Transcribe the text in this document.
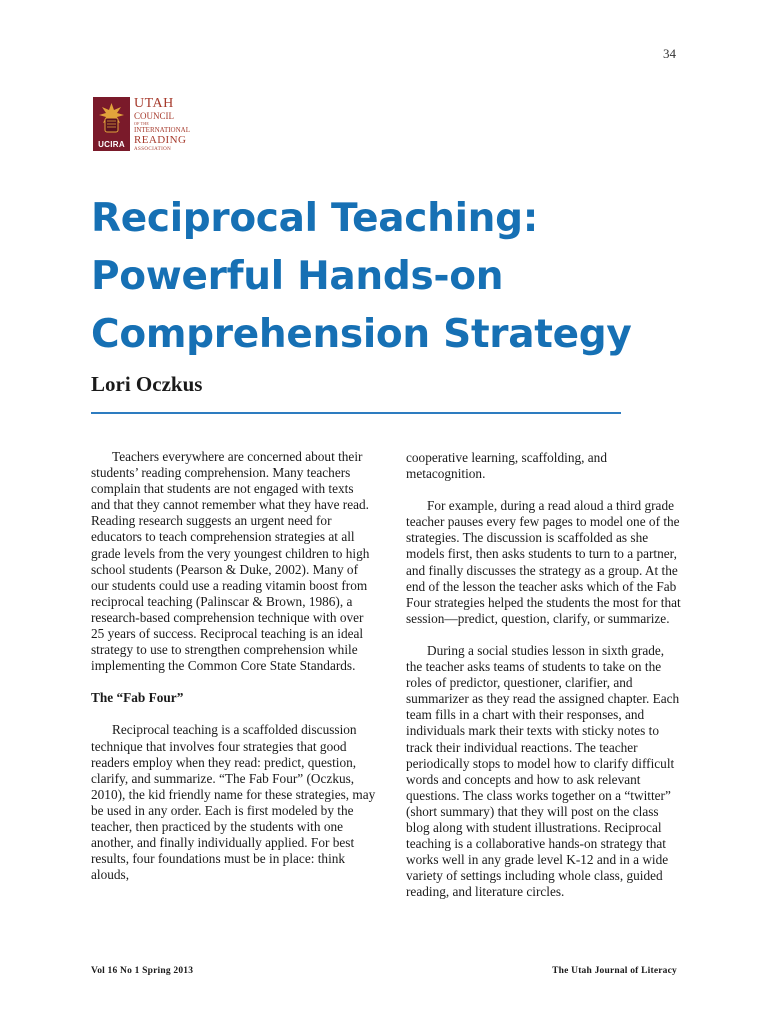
34
UCIRA
UTAH
COUNCIL
OF THE
INTERNATIONAL
READING
ASSOCIATION
Reciprocal Teaching:
Powerful Hands-on
Comprehension Strategy
Lori Oczkus

Teachers everywhere are concerned about their students’ reading comprehension. Many teachers complain that students are not engaged with texts and that they cannot remember what they have read. Reading research suggests an urgent need for educators to teach comprehension strategies at all grade levels from the very youngest children to high school students (Pearson & Duke, 2002). Many of our students could use a reading vitamin boost from reciprocal teaching (Palinscar & Brown, 1986), a research-based comprehension technique with over 25 years of success. Reciprocal teaching is an ideal strategy to use to strengthen comprehension while implementing the Common Core State Standards.

The “Fab Four”

Reciprocal teaching is a scaffolded discussion technique that involves four strategies that good readers employ when they read: predict, question, clarify, and summarize. “The Fab Four” (Oczkus, 2010), the kid friendly name for these strategies, may be used in any order. Each is first modeled by the teacher, then practiced by the students with one another, and finally individually applied. For best results, four foundations must be in place: think alouds,

cooperative learning, scaffolding, and metacognition.

For example, during a read aloud a third grade teacher pauses every few pages to model one of the strategies. The discussion is scaffolded as she models first, then asks students to turn to a partner, and finally discusses the strategy as a group. At the end of the lesson the teacher asks which of the Fab Four strategies helped the students the most for that session—predict, question, clarify, or summarize.

During a social studies lesson in sixth grade, the teacher asks teams of students to take on the roles of predictor, questioner, clarifier, and summarizer as they read the assigned chapter. Each team fills in a chart with their responses, and individuals mark their texts with sticky notes to track their individual reactions. The teacher periodically stops to model how to clarify difficult words and concepts and how to ask relevant questions. The class works together on a “twitter” (short summary) that they will post on the class blog along with student illustrations. Reciprocal teaching is a collaborative hands-on strategy that works well in any grade level K-12 and in a wide variety of settings including whole class, guided reading, and literature circles.

Vol 16 No 1 Spring 2013	The Utah Journal of Literacy
